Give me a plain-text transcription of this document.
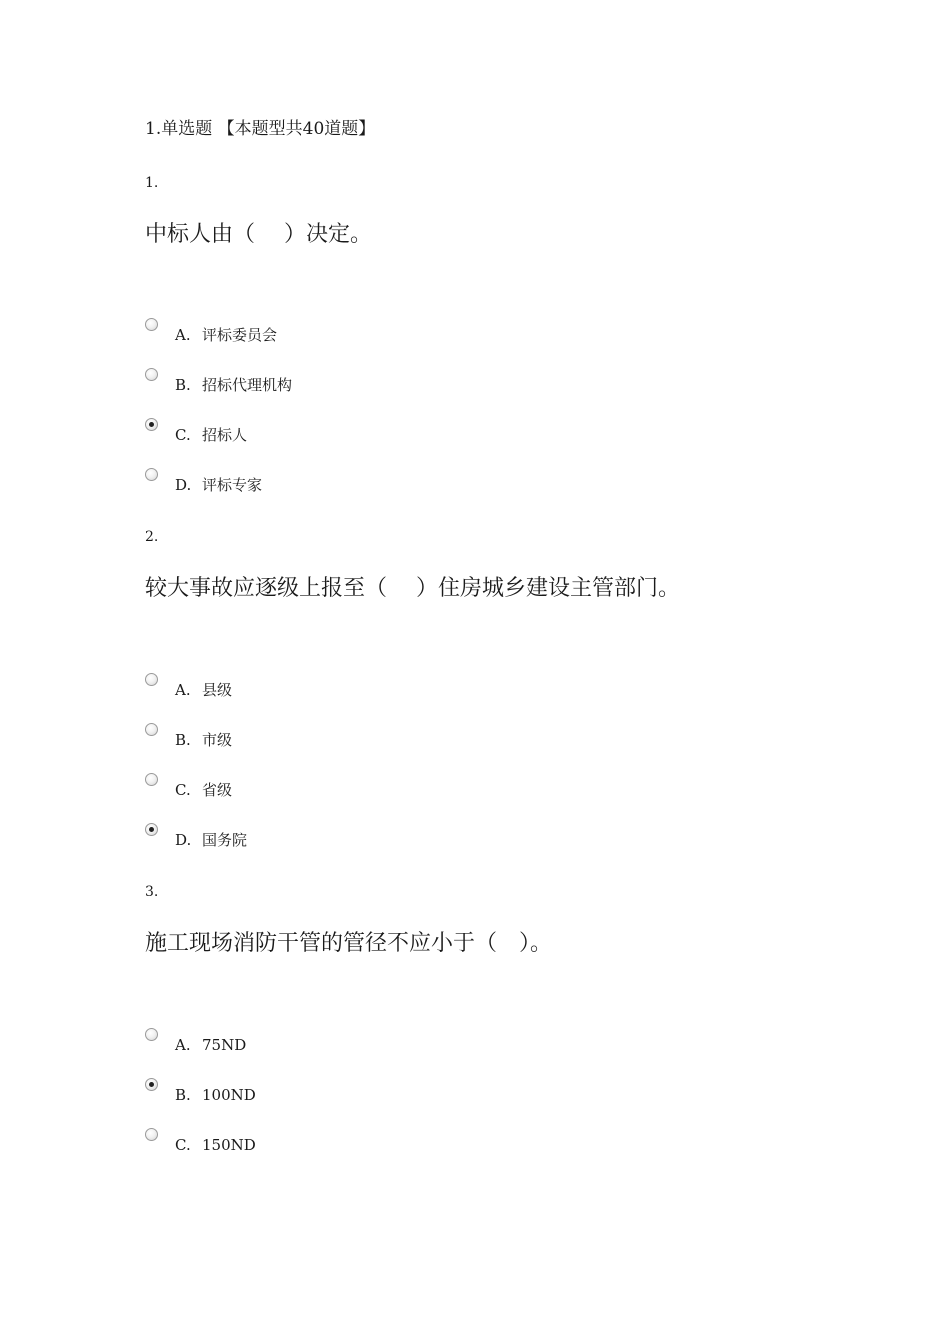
1.单选题 【本题型共40道题】
1.
中标人由（　 ）决定。
A. 评标委员会
B. 招标代理机构
C. 招标人
D. 评标专家
2.
较大事故应逐级上报至（　 ）住房城乡建设主管部门。
A. 县级
B. 市级
C. 省级
D. 国务院
3.
施工现场消防干管的管径不应小于（　）。
A. 75ND
B. 100ND
C. 150ND
